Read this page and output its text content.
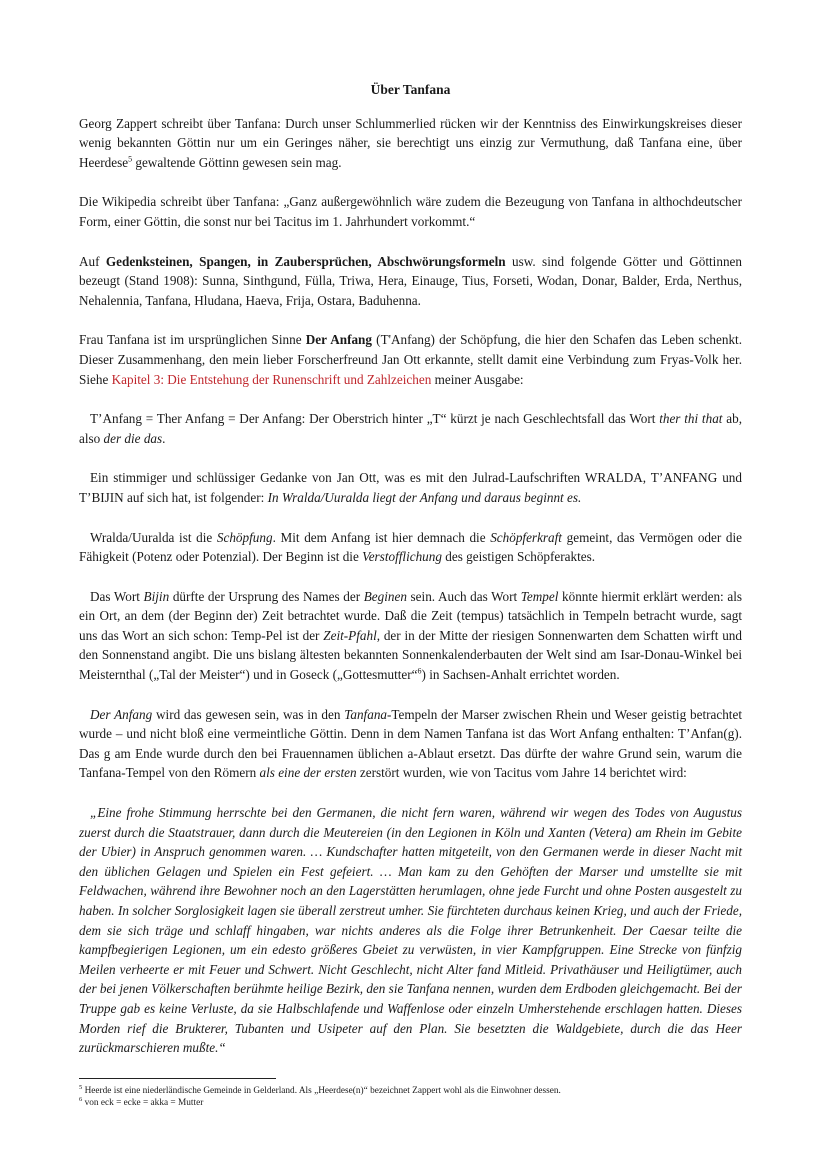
Über Tanfana

Georg Zappert schreibt über Tanfana: Durch unser Schlummerlied rücken wir der Kenntniss des Einwirkungskreises dieser wenig bekannten Göttin nur um ein Geringes näher, sie berechtigt uns einzig zur Vermuthung, daß Tanfana eine, über Heerdese$^5$ gewaltende Göttinn gewesen sein mag.

Die Wikipedia schreibt über Tanfana: „Ganz außergewöhnlich wäre zudem die Bezeugung von Tanfana in althochdeutscher Form, einer Göttin, die sonst nur bei Tacitus im 1. Jahrhundert vorkommt.“

Auf Gedenksteinen, Spangen, in Zaubersprüchen, Abschwörungsformeln usw. sind folgende Götter und Göttinnen bezeugt (Stand 1908): Sunna, Sinthgund, Fülla, Triwa, Hera, Einauge, Tius, Forseti, Wodan, Donar, Balder, Erda, Nerthus, Nehalennia, Tanfana, Hludana, Haeva, Frija, Ostara, Baduhenna.

Frau Tanfana ist im ursprünglichen Sinne Der Anfang (T'Anfang) der Schöpfung, die hier den Schafen das Leben schenkt. Dieser Zusammenhang, den mein lieber Forscherfreund Jan Ott erkannte, stellt damit eine Verbindung zum Fryas-Volk her. Siehe Kapitel 3: Die Entstehung der Runenschrift und Zahlzeichen meiner Ausgabe:

T’Anfang = Ther Anfang = Der Anfang: Der Oberstrich hinter „T“ kürzt je nach Geschlechtsfall das Wort ther thi that ab, also der die das.

Ein stimmiger und schlüssiger Gedanke von Jan Ott, was es mit den Julrad-Laufschriften WRALDA, T’ANFANG und T’BIJIN auf sich hat, ist folgender: In Wralda/Uuralda liegt der Anfang und daraus beginnt es.

Wralda/Uuralda ist die Schöpfung. Mit dem Anfang ist hier demnach die Schöpferkraft gemeint, das Vermögen oder die Fähigkeit (Potenz oder Potenzial). Der Beginn ist die Verstofflichung des geistigen Schöpferaktes.

Das Wort Bijin dürfte der Ursprung des Names der Beginen sein. Auch das Wort Tempel könnte hiermit erklärt werden: als ein Ort, an dem (der Beginn der) Zeit betrachtet wurde. Daß die Zeit (tempus) tatsächlich in Tempeln betracht wurde, sagt uns das Wort an sich schon: Temp-Pel ist der Zeit-Pfahl, der in der Mitte der riesigen Sonnenwarten dem Schatten wirft und den Sonnenstand angibt. Die uns bislang ältesten bekannten Sonnenkalenderbauten der Welt sind am Isar-Donau-Winkel bei Meisternthal („Tal der Meister“) und in Goseck („Gottesmutter“$^6$) in Sachsen-Anhalt errichtet worden.

Der Anfang wird das gewesen sein, was in den Tanfana-Tempeln der Marser zwischen Rhein und Weser geistig betrachtet wurde – und nicht bloß eine vermeintliche Göttin. Denn in dem Namen Tanfana ist das Wort Anfang enthalten: T’Anfan(g). Das g am Ende wurde durch den bei Frauennamen üblichen a-Ablaut ersetzt. Das dürfte der wahre Grund sein, warum die Tanfana-Tempel von den Römern als eine der ersten zerstört wurden, wie von Tacitus vom Jahre 14 berichtet wird:

„Eine frohe Stimmung herrschte bei den Germanen, die nicht fern waren, während wir wegen des Todes von Augustus zuerst durch die Staatstrauer, dann durch die Meutereien (in den Legionen in Köln und Xanten (Vetera) am Rhein im Gebite der Ubier) in Anspruch genommen waren. … Kundschafter hatten mitgeteilt, von den Germanen werde in dieser Nacht mit den üblichen Gelagen und Spielen ein Fest gefeiert. … Man kam zu den Gehöften der Marser und umstellte sie mit Feldwachen, während ihre Bewohner noch an den Lagerstätten herumlagen, ohne jede Furcht und ohne Posten ausgestelt zu haben. In solcher Sorglosigkeit lagen sie überall zerstreut umher. Sie fürchteten durchaus keinen Krieg, und auch der Friede, dem sie sich träge und schlaff hingaben, war nichts anderes als die Folge ihrer Betrunkenheit. Der Caesar teilte die kampfbegierigen Legionen, um ein edesto größeres Gbeiet zu verwüsten, in vier Kampfgruppen. Eine Strecke von fünfzig Meilen verheerte er mit Feuer und Schwert. Nicht Geschlecht, nicht Alter fand Mitleid. Privathäuser und Heiligtümer, auch der bei jenen Völkerschaften berühmte heilige Bezirk, den sie Tanfana nennen, wurden dem Erdboden gleichgemacht. Bei der Truppe gab es keine Verluste, da sie Halbschlafende und Waffenlose oder einzeln Umherstehende erschlagen hatten. Dieses Morden rief die Brukterer, Tubanten und Usipeter auf den Plan. Sie besetzten die Waldgebiete, durch die das Heer zurückmarschieren mußte.“

$^5$ Heerde ist eine niederländische Gemeinde in Gelderland. Als „Heerdese(n)“ bezeichnet Zappert wohl als die Einwohner dessen.

$^6$ von eck = ecke = akka = Mutter
